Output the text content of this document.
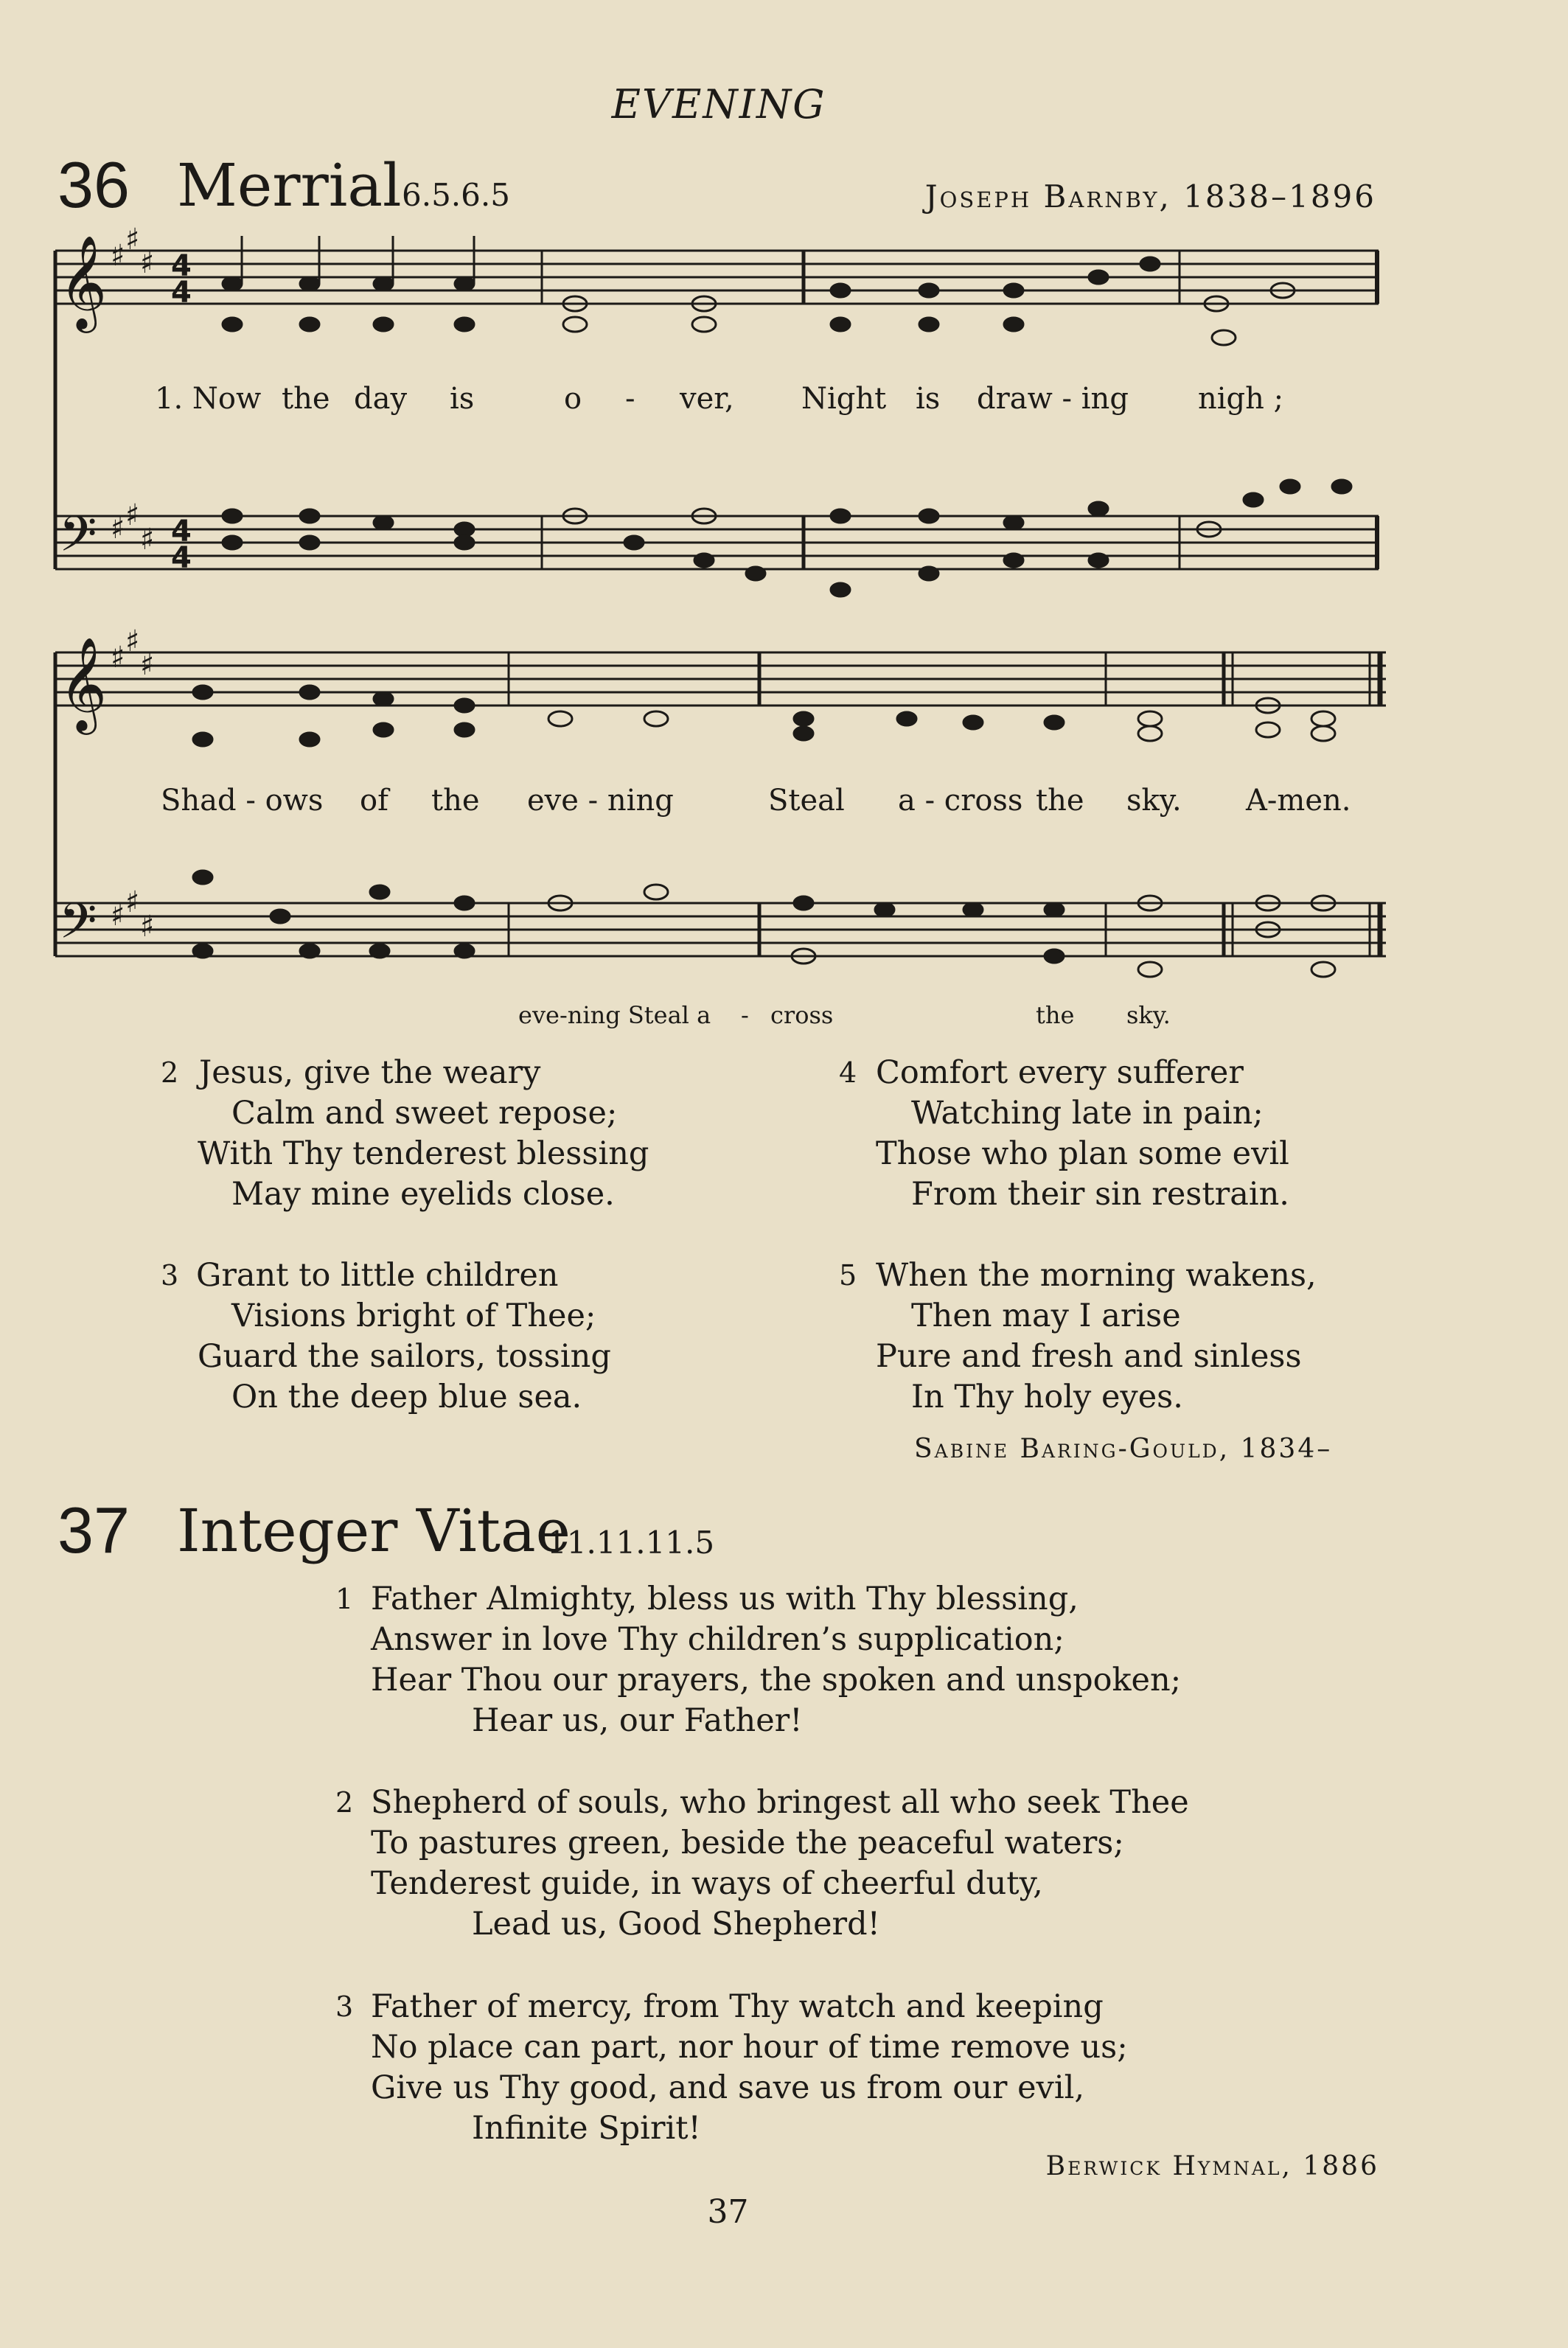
EVENING
36 Merrial 6.5.6.5	Joseph Barnby, 1838–1896
𝄞
𝄢
𝄞
𝄢
♯ ♯
♯
♯ ♯
♯
♯ ♯
♯
♯ ♯
♯
4
4
4
4
1. Now the day is	o - ver, Night is draw - ing nigh ;
Shad - ows of the eve - ning	Steal a - cross the sky. A-men.
eve-ning Steal a - cross	the sky.
2 Jesus, give the weary
Calm and sweet repose;
With Thy tenderest blessing
May mine eyelids close.
3 Grant to little children
Visions bright of Thee;
Guard the sailors, tossing
On the deep blue sea.
4 Comfort every sufferer
Watching late in pain;
Those who plan some evil
From their sin restrain.
5 When the morning wakens,
Then may I arise
Pure and fresh and sinless
In Thy holy eyes.
Sabine Baring-Gould, 1834–
37 Integer Vitae
11.11.11.5
1 Father Almighty, bless us with Thy blessing,
Answer in love Thy children’s supplication;
Hear Thou our prayers, the spoken and unspoken;
Hear us, our Father!
2 Shepherd of souls, who bringest all who seek Thee
To pastures green, beside the peaceful waters;
Tenderest guide, in ways of cheerful duty,
Lead us, Good Shepherd!
3 Father of mercy, from Thy watch and keeping
No place can part, nor hour of time remove us;
Give us Thy good, and save us from our evil,
Infinite Spirit!
Berwick Hymnal, 1886
37
